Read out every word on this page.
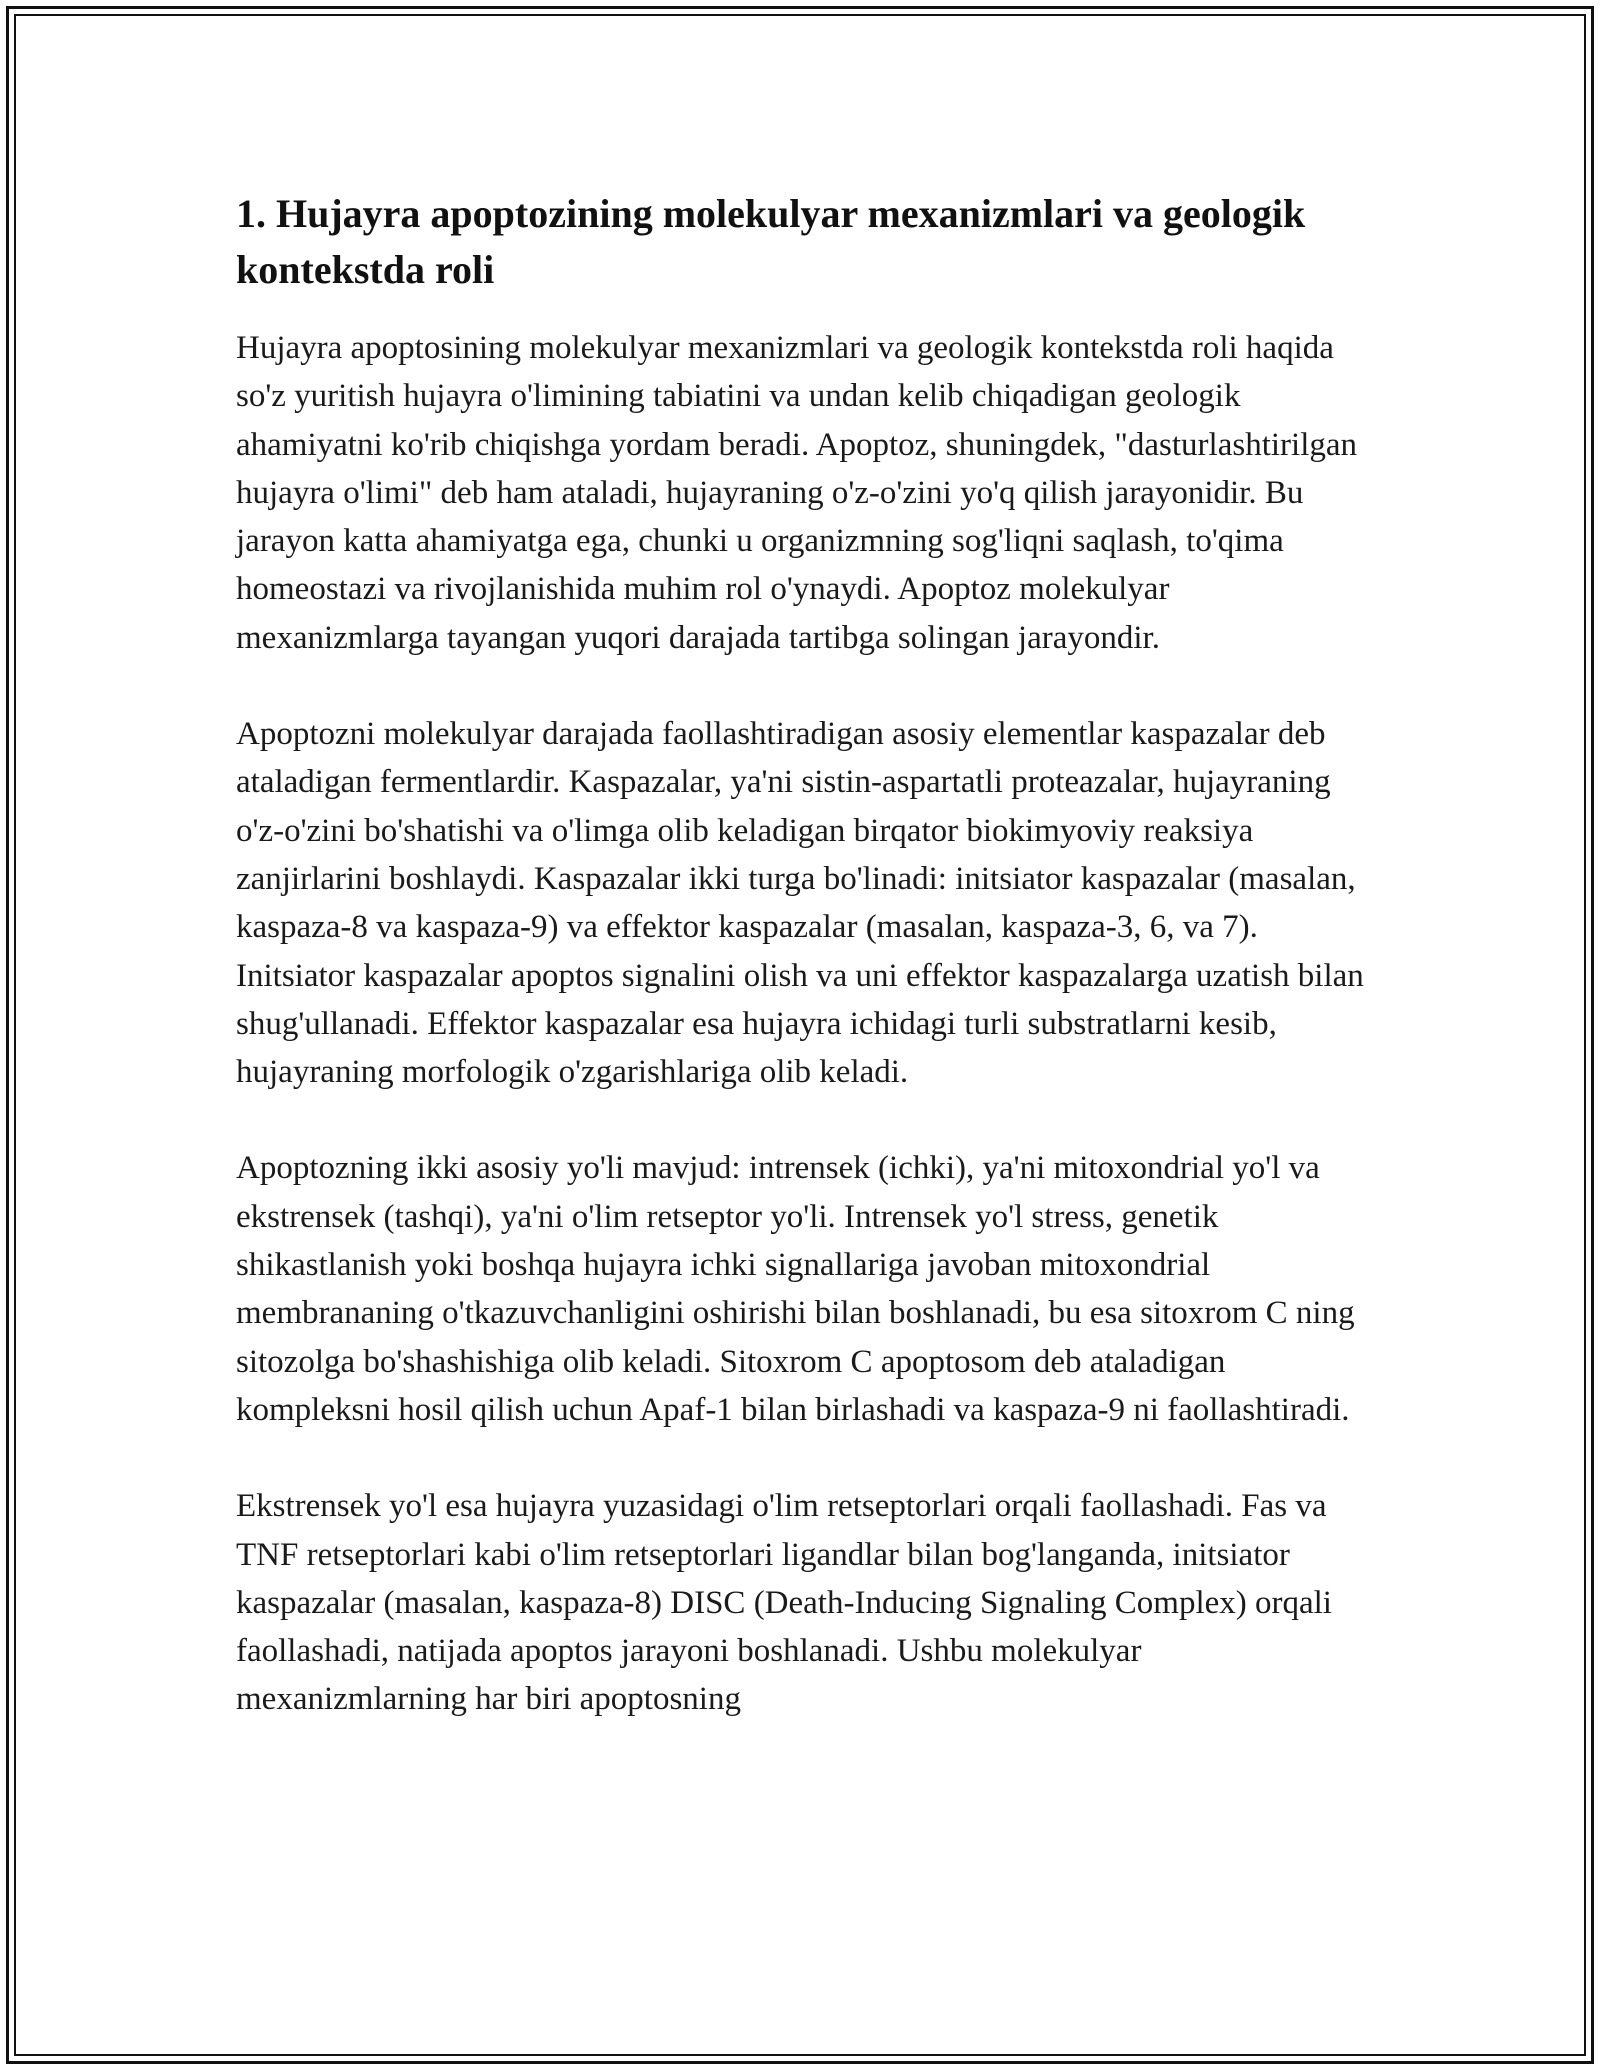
1. Hujayra apoptozining molekulyar mexanizmlari va geologik kontekstda roli

Hujayra apoptosining molekulyar mexanizmlari va geologik kontekstda roli haqida so'z yuritish hujayra o'limining tabiatini va undan kelib chiqadigan geologik ahamiyatni ko'rib chiqishga yordam beradi. Apoptoz, shuningdek, "dasturlashtirilgan hujayra o'limi" deb ham ataladi, hujayraning o'z-o'zini yo'q qilish jarayonidir. Bu jarayon katta ahamiyatga ega, chunki u organizmning sog'liqni saqlash, to'qima homeostazi va rivojlanishida muhim rol o'ynaydi. Apoptoz molekulyar mexanizmlarga tayangan yuqori darajada tartibga solingan jarayondir.

Apoptozni molekulyar darajada faollashtiradigan asosiy elementlar kaspazalar deb ataladigan fermentlardir. Kaspazalar, ya'ni sistin-aspartatli proteazalar, hujayraning o'z-o'zini bo'shatishi va o'limga olib keladigan birqator biokimyoviy reaksiya zanjirlarini boshlaydi. Kaspazalar ikki turga bo'linadi: initsiator kaspazalar (masalan, kaspaza-8 va kaspaza-9) va effektor kaspazalar (masalan, kaspaza-3, 6, va 7). Initsiator kaspazalar apoptos signalini olish va uni effektor kaspazalarga uzatish bilan shug'ullanadi. Effektor kaspazalar esa hujayra ichidagi turli substratlarni kesib, hujayraning morfologik o'zgarishlariga olib keladi.

Apoptozning ikki asosiy yo'li mavjud: intrensek (ichki), ya'ni mitoxondrial yo'l va ekstrensek (tashqi), ya'ni o'lim retseptor yo'li. Intrensek yo'l stress, genetik shikastlanish yoki boshqa hujayra ichki signallariga javoban mitoxondrial membrananing o'tkazuvchanligini oshirishi bilan boshlanadi, bu esa sitoxrom C ning sitozolga bo'shashishiga olib keladi. Sitoxrom C apoptosom deb ataladigan kompleksni hosil qilish uchun Apaf-1 bilan birlashadi va kaspaza-9 ni faollashtiradi.

Ekstrensek yo'l esa hujayra yuzasidagi o'lim retseptorlari orqali faollashadi. Fas va TNF retseptorlari kabi o'lim retseptorlari ligandlar bilan bog'langanda, initsiator kaspazalar (masalan, kaspaza-8) DISC (Death-Inducing Signaling Complex) orqali faollashadi, natijada apoptos jarayoni boshlanadi. Ushbu molekulyar mexanizmlarning har biri apoptosning
